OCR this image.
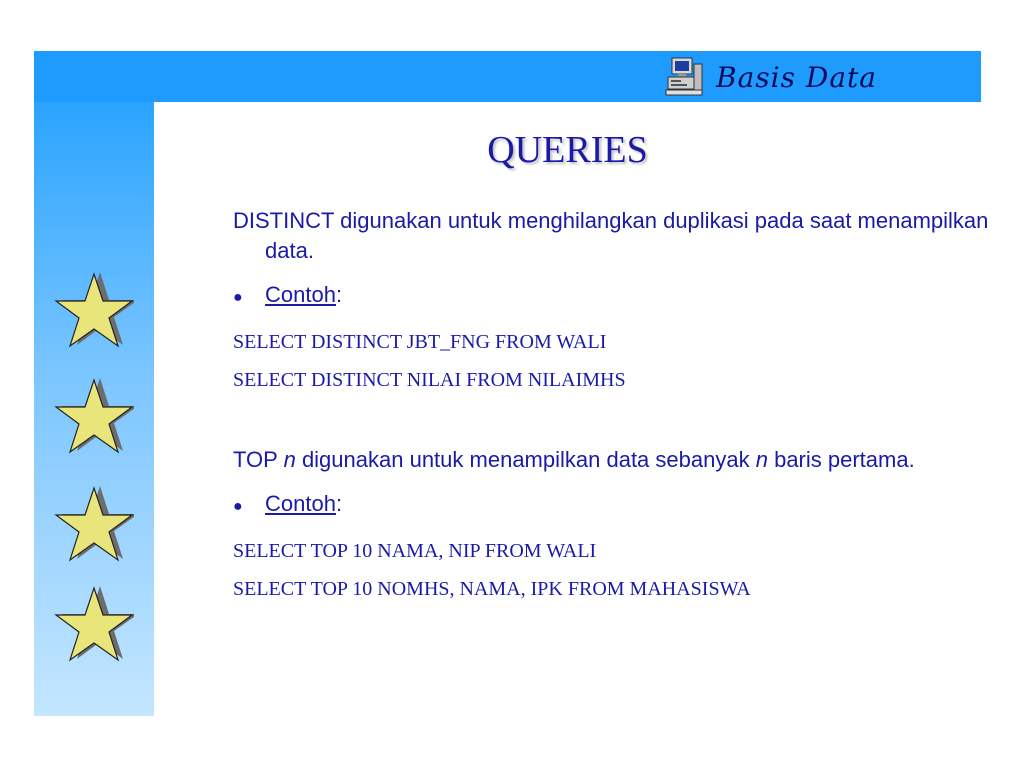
Basis Data
QUERIES

DISTINCT digunakan untuk menghilangkan duplikasi pada saat menampilkan data.

●	Contoh :

SELECT DISTINCT JBT_FNG FROM WALI

SELECT DISTINCT NILAI FROM NILAIMHS

TOP n digunakan untuk menampilkan data sebanyak n baris pertama.

●	Contoh :

SELECT TOP 10 NAMA, NIP FROM WALI

SELECT TOP 10 NOMHS, NAMA, IPK FROM MAHASISWA
